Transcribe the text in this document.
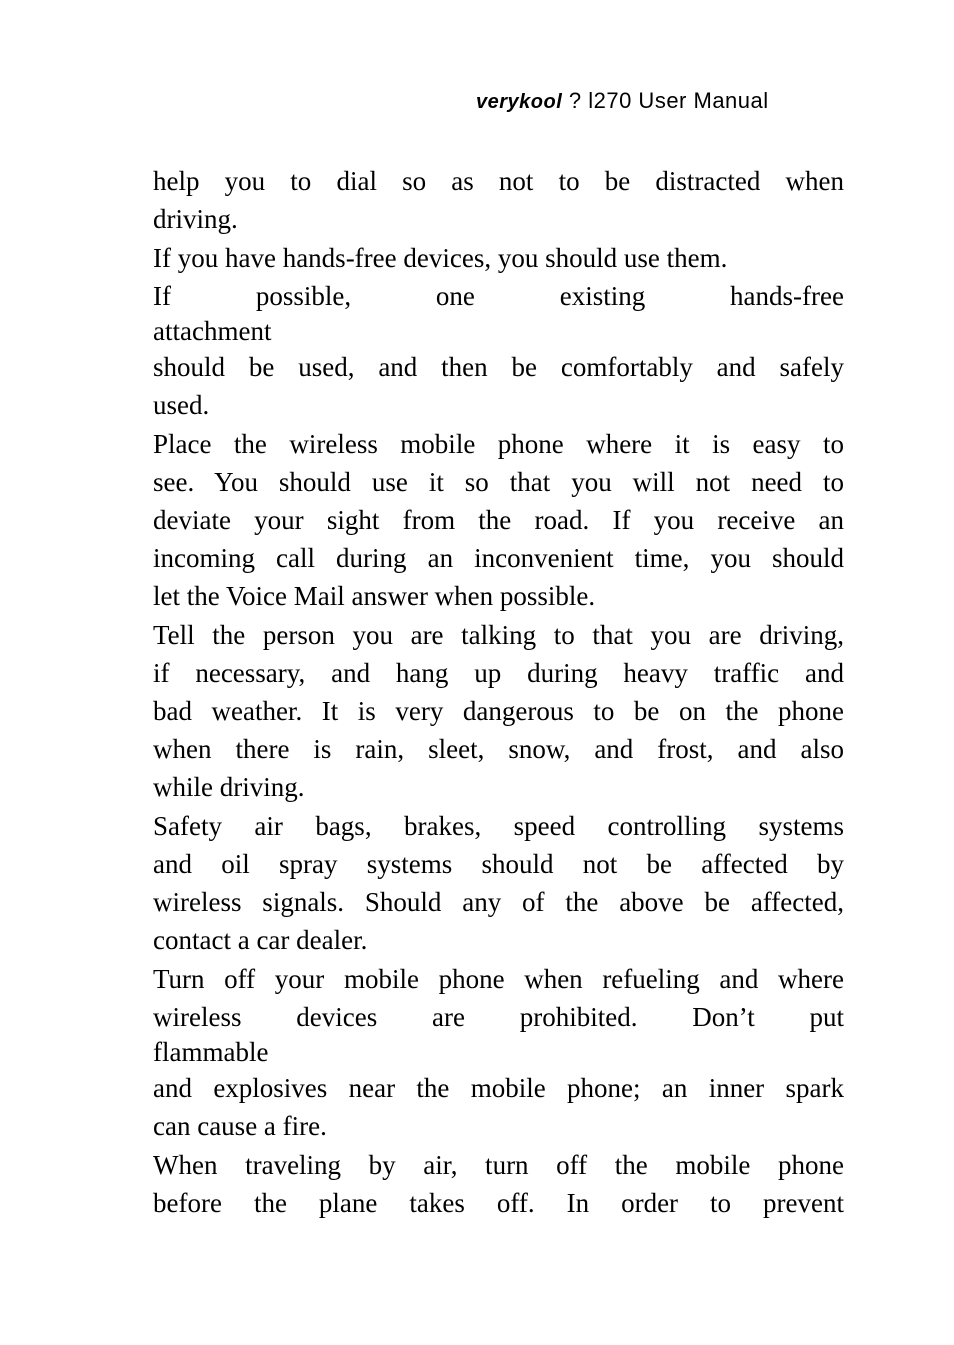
verykool ? l270 User Manual
help you to dial so as not to be distracted when
driving.
If you have hands-free devices, you should use them.
If possible, one existing hands-free
attachment
should be used, and then be comfortably and safely
used.
Place the wireless mobile phone where it is easy to
see. You should use it so that you will not need to
deviate your sight from the road. If you receive an
incoming call during an inconvenient time, you should
let the Voice Mail answer when possible.
Tell the person you are talking to that you are driving,
if necessary, and hang up during heavy traffic and
bad weather. It is very dangerous to be on the phone
when there is rain, sleet, snow, and frost, and also
while driving.
Safety air bags, brakes, speed controlling systems
and oil spray systems should not be affected by
wireless signals. Should any of the above be affected,
contact a car dealer.
Turn off your mobile phone when refueling and where
wireless devices are prohibited. Don’t put
flammable
and explosives near the mobile phone; an inner spark
can cause a fire.
When traveling by air, turn off the mobile phone
before the plane takes off. In order to prevent
